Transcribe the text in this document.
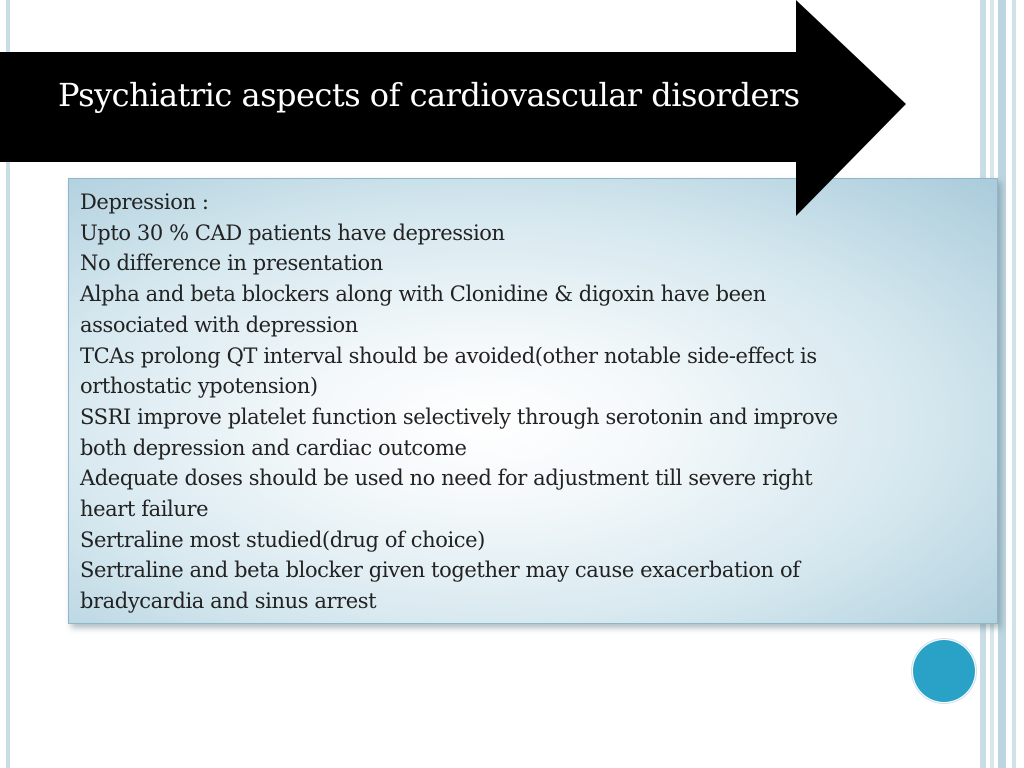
Depression :
Upto 30 % CAD patients have depression
No difference in presentation
Alpha and beta blockers along with Clonidine & digoxin have been
associated with depression
TCAs prolong QT interval should be avoided(other notable side-effect is
orthostatic ypotension)
SSRI improve platelet function selectively through serotonin and improve
both depression and cardiac outcome
Adequate doses should be used no need for adjustment till severe right
heart failure
Sertraline most studied(drug of choice)
Sertraline and beta blocker given together may cause exacerbation of
bradycardia and sinus arrest
Psychiatric aspects of cardiovascular disorders
